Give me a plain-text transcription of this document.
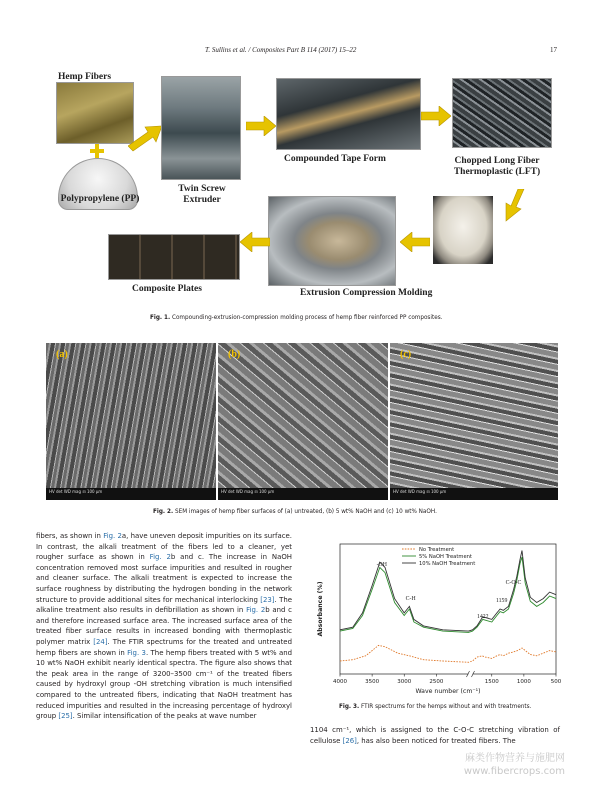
T. Sullins et al. / Composites Part B 114 (2017) 15–22	17
Hemp Fibers
Polypropylene (PP)
Twin Screw Extruder
Compounded Tape Form	Chopped Long Fiber Thermoplastic (LFT)
Extrusion Compression Molding
Composite Plates
Fig. 1. Compounding-extrusion-compression molding process of hemp fiber reinforced PP composites.
(a)
HV det WD mag ⊟ 100 μm
(b)
HV det WD mag ⊟ 100 μm
(c)
HV det WD mag ⊟ 100 μm
Fig. 2. SEM images of hemp fiber surfaces of (a) untreated, (b) 5 wt% NaOH and (c) 10 wt% NaOH.
fibers, as shown in Fig. 2a, have uneven deposit impurities on its surface. In contrast, the alkali treatment of the fibers led to a cleaner, yet rougher surface as shown in Fig. 2b and c. The increase in NaOH concentration removed most surface impurities and resulted in rougher and cleaner surface. The alkali treatment is expected to increase the surface roughness by distributing the hydrogen bonding in the network structure to provide additional sites for mechanical interlocking [23]. The alkaline treatment also results in defibrillation as shown in Fig. 2b and c and therefore increased surface area. The increased surface area of the treated fiber surface results in increased bonding with thermoplastic polymer matrix [24]. The FTIR spectrums for the treated and untreated hemp fibers are shown in Fig. 3. The hemp fibers treated with 5 wt% and 10 wt% NaOH exhibit nearly identical spectra. The figure also shows that the peak area in the range of 3200–3500 cm⁻¹ of the treated fibers caused by hydroxyl group -OH stretching vibration is much intensified compared to the untreated fibers, indicating that NaOH treatment has reduced impurities and resulted in the increasing percentage of hydroxyl group [25]. Similar intensification of the peaks at wave number
4000	3500	3000	2500	1500	1000	500
Wave number (cm⁻¹)
Absorbance (%)
No Treatment
5% NaOH Treatment
10% NaOH Treatment
-OH
C-H
C-O-C
1159
1422
Fig. 3. FTIR spectrums for the hemps without and with treatments.
1104 cm⁻¹, which is assigned to the C-O-C stretching vibration of cellulose [26], has also been noticed for treated fibers. The
麻类作物营养与施肥网
www.fibercrops.com
